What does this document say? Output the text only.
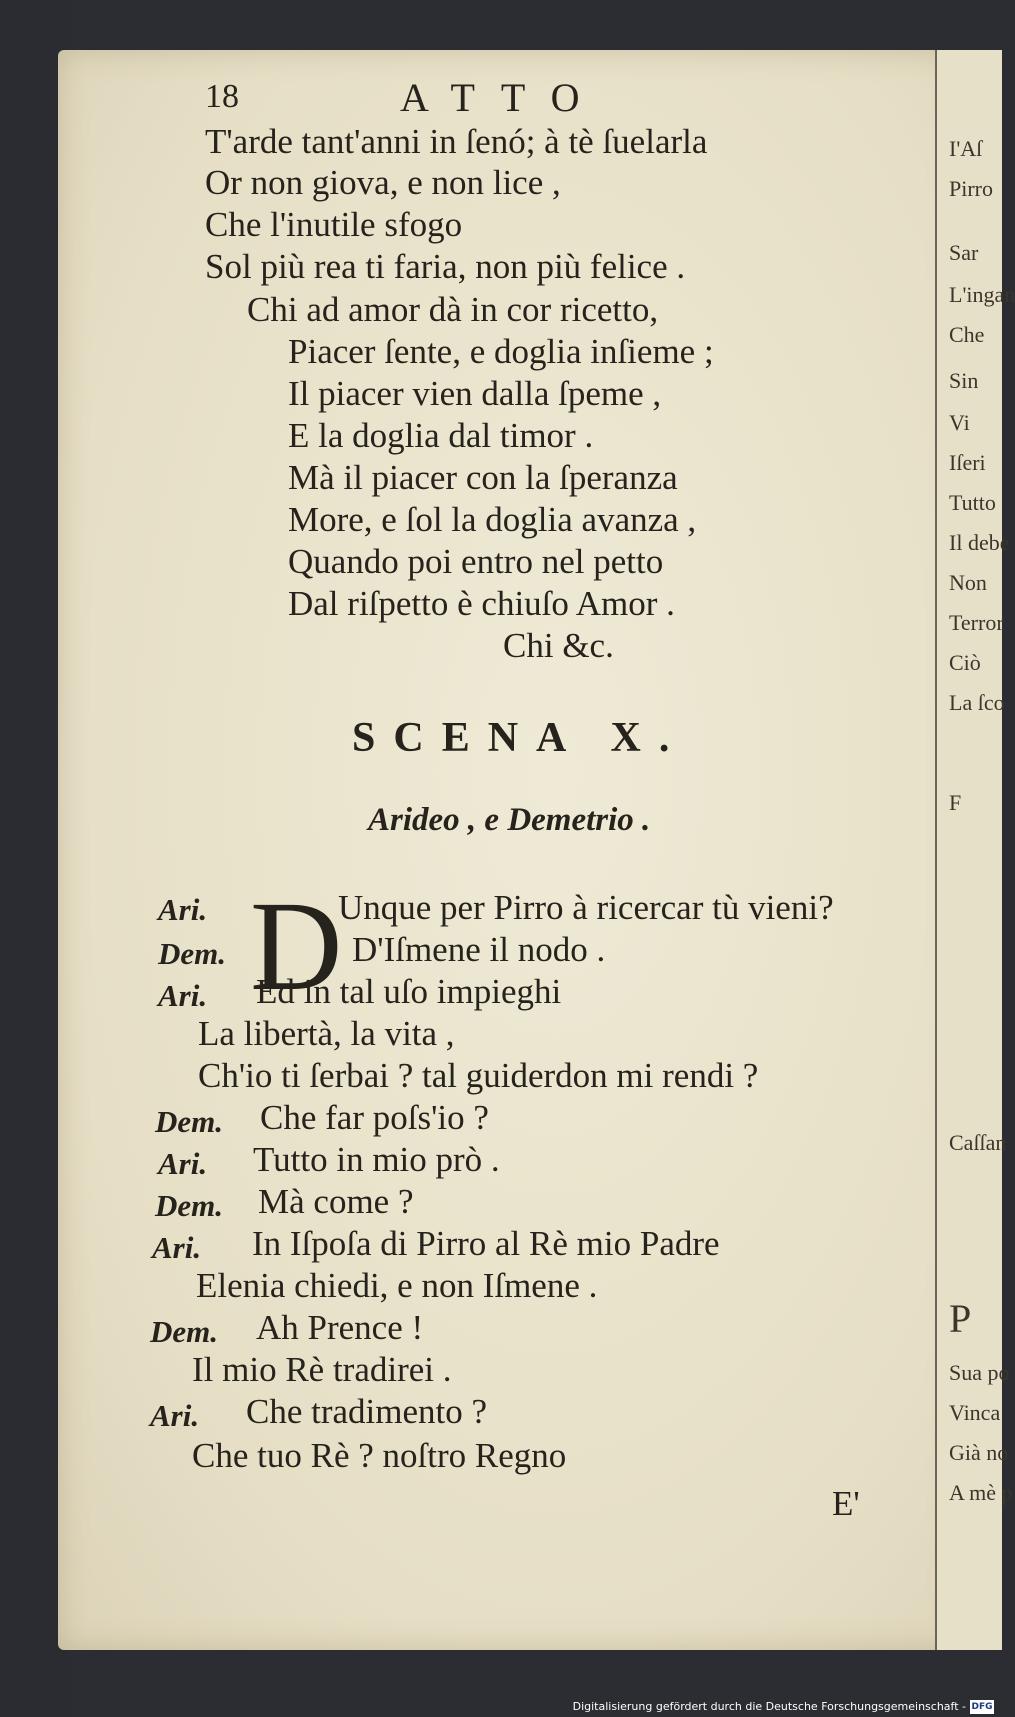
I'Aſ
Pirro
Sar
L'ingan
Che
Sin
Vi
Iſeri
Tutto
Il debe
Non
Terror
Ciò
La ſco
F
Caſſan
P
Sua po
Vinca
Già no
A mè p
18	ATTO
T'arde tant'anni in ſenó; à tè ſuelarla
Or non giova, e non lice ,
Che l'inutile sfogo
Sol più rea ti faria, non più felice .
Chi ad amor dà in cor ricetto,
Piacer ſente, e doglia inſieme ;
Il piacer vien dalla ſpeme ,
E la doglia dal timor .
Mà il piacer con la ſperanza
More, e ſol la doglia avanza ,
Quando poi entro nel petto
Dal riſpetto è chiuſo Amor .
Chi &c.
SCENA X.
Arideo , e Demetrio .
D
Ari.	Unque per Pirro à ricercar tù vieni?
Dem.	D'Iſmene il nodo .
Ari. Ed in tal uſo impieghi
La libertà, la vita ,
Ch'io ti ſerbai ? tal guiderdon mi rendi ?
Dem. Che far poſs'io ?
Ari. Tutto in mio prò .
Dem. Mà come ?
Ari. In Iſpoſa di Pirro al Rè mio Padre
Elenia chiedi, e non Iſmene .
Dem. Ah Prence !
Il mio Rè tradirei .
Ari. Che tradimento ?
Che tuo Rè ? noſtro Regno
E'
Digitalisierung gefördert durch die Deutsche Forschungsgemeinschaft - DFG
